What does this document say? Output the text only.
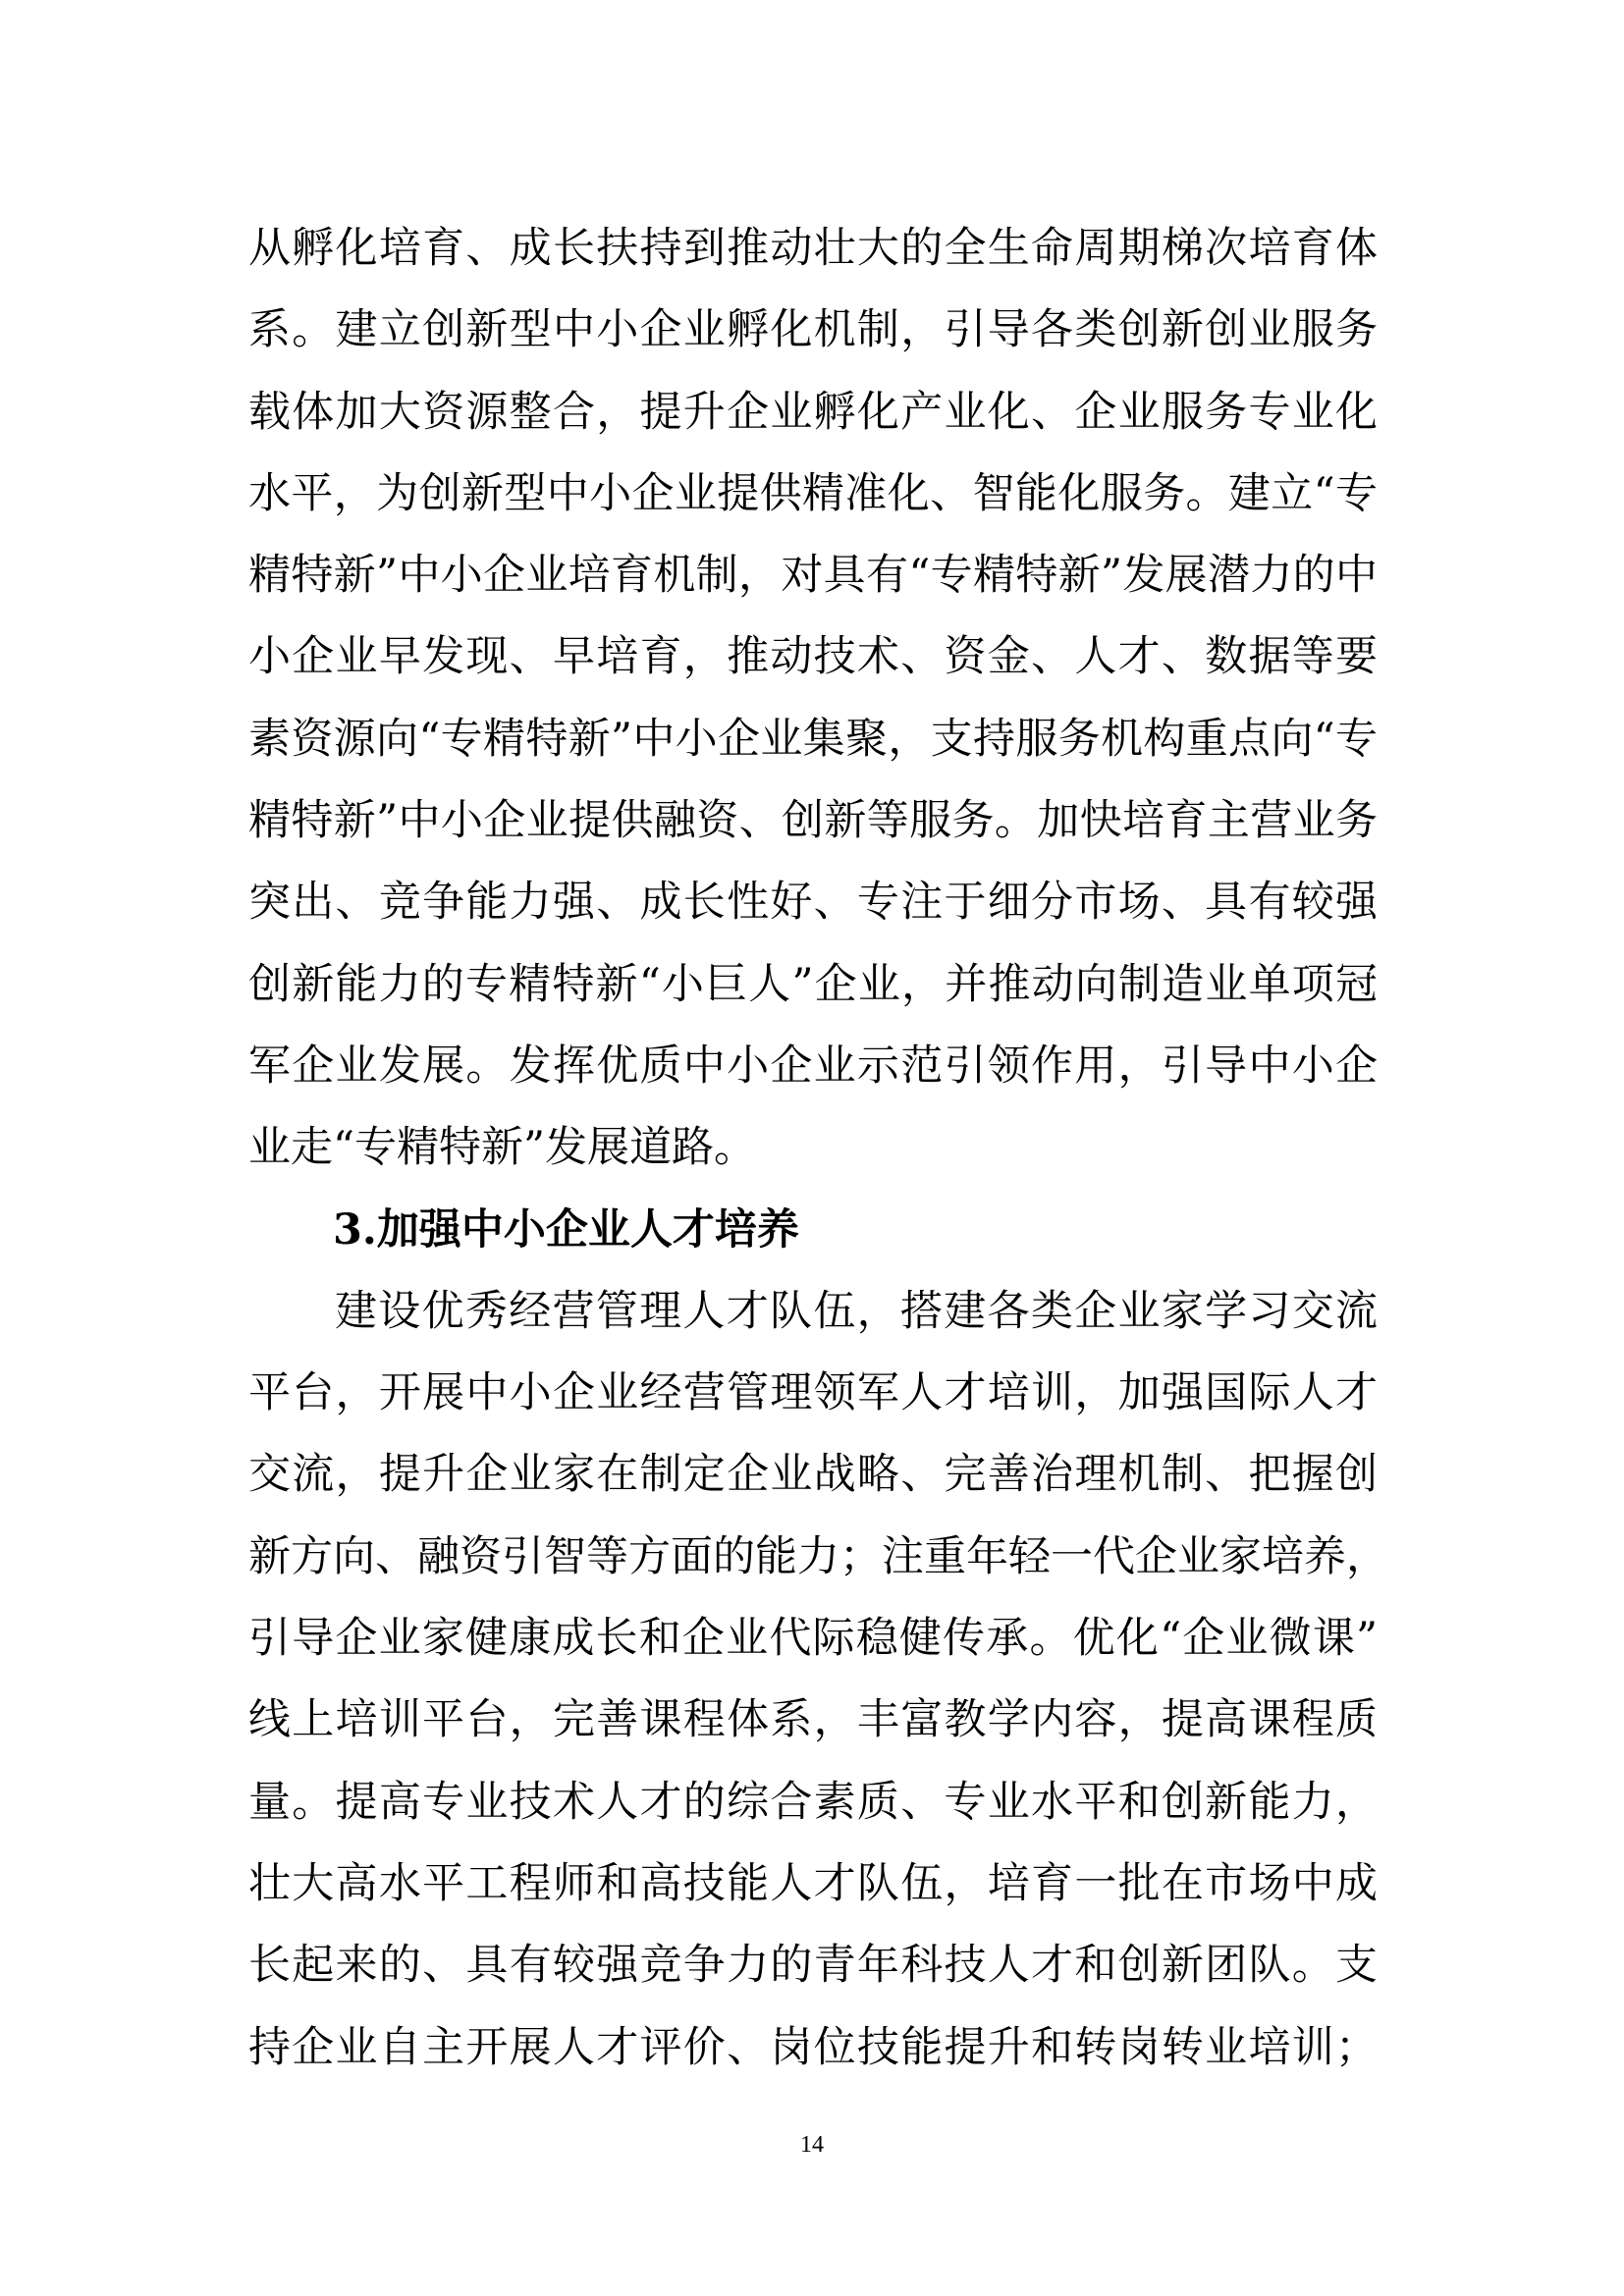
从孵化培育、成长扶持到推动壮大的全生命周期梯次培育体
系。建立创新型中小企业孵化机制，引导各类创新创业服务
载体加大资源整合，提升企业孵化产业化、企业服务专业化
水平，为创新型中小企业提供精准化、智能化服务。建立“专
精特新”中小企业培育机制，对具有“专精特新”发展潜力的中
小企业早发现、早培育，推动技术、资金、人才、数据等要
素资源向“专精特新”中小企业集聚，支持服务机构重点向“专
精特新”中小企业提供融资、创新等服务。加快培育主营业务
突出、竞争能力强、成长性好、专注于细分市场、具有较强
创新能力的专精特新“小巨人”企业，并推动向制造业单项冠
军企业发展。发挥优质中小企业示范引领作用，引导中小企
业走“专精特新”发展道路。
3.加强中小企业人才培养
建设优秀经营管理人才队伍，搭建各类企业家学习交流
平台，开展中小企业经营管理领军人才培训，加强国际人才
交流，提升企业家在制定企业战略、完善治理机制、把握创
新方向、融资引智等方面的能力；注重年轻一代企业家培养，
引导企业家健康成长和企业代际稳健传承。优化“企业微课”
线上培训平台，完善课程体系，丰富教学内容，提高课程质
量。提高专业技术人才的综合素质、专业水平和创新能力，
壮大高水平工程师和高技能人才队伍，培育一批在市场中成
长起来的、具有较强竞争力的青年科技人才和创新团队。支
持企业自主开展人才评价、岗位技能提升和转岗转业培训；
14
